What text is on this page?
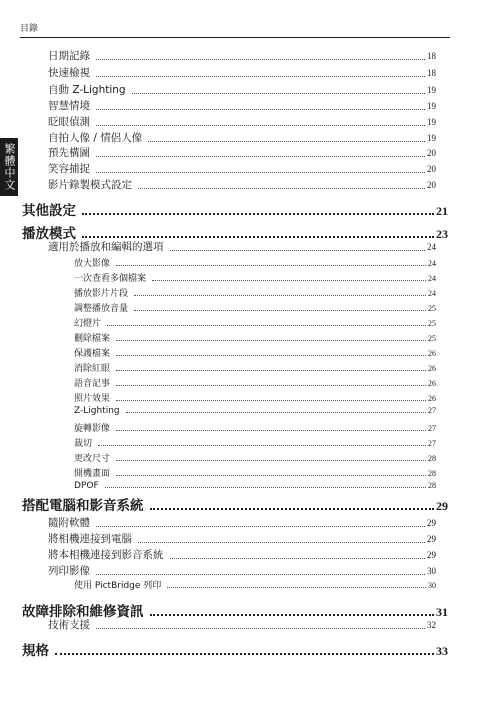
目錄
繁體中文
日期記錄	18
快速檢視	18
自動 Z-Lighting	19
智慧情境	19
眨眼偵測	19
自拍人像 / 情侶人像	19
預先構圖	20
笑容捕捉	20
影片錄製模式設定	20
其他設定	21
播放模式	23
適用於播放和編輯的選項	24
放大影像	24
一次查看多個檔案	24
播放影片片段	24
調整播放音量	25
幻燈片	25
刪除檔案	25
保護檔案	26
消除紅眼	26
語音記事	26
照片效果	26
Z-Lighting	27
旋轉影像	27
裁切	27
更改尺寸	28
開機畫面	28
DPOF	28
搭配電腦和影音系統	29
隨附軟體	29
將相機連接到電腦	29
將本相機連接到影音系統	29
列印影像	30
使用 PictBridge 列印	30
故障排除和維修資訊	31
技術支援	32
規格	33
